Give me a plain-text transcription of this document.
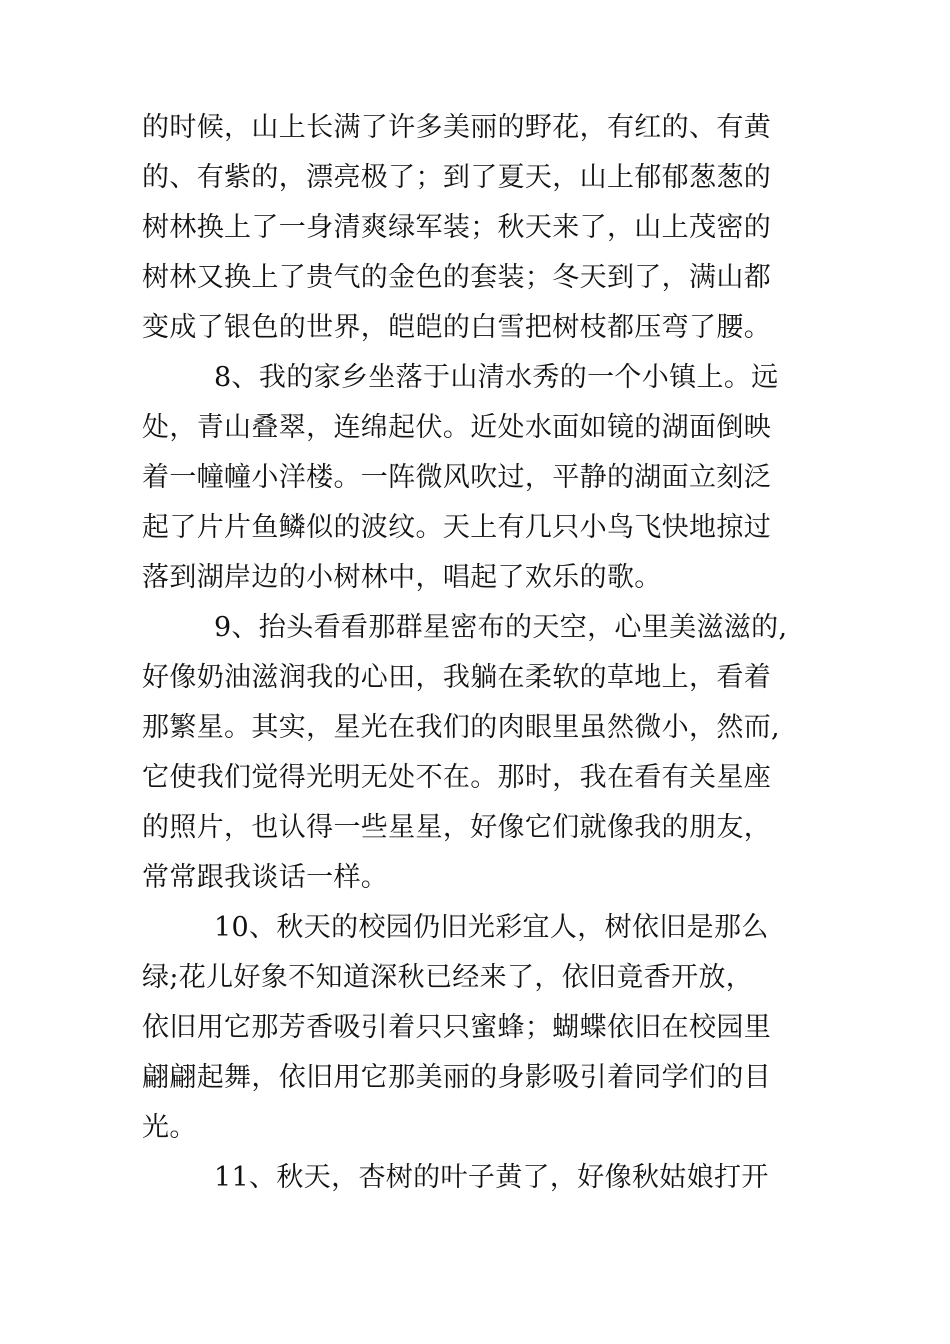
的时候，山上长满了许多美丽的野花，有红的、有黄
的、有紫的，漂亮极了；到了夏天，山上郁郁葱葱的
树林换上了一身清爽绿军装；秋天来了，山上茂密的
树林又换上了贵气的金色的套装；冬天到了，满山都
变成了银色的世界，皑皑的白雪把树枝都压弯了腰。
8、我的家乡坐落于山清水秀的一个小镇上。远
处，青山叠翠，连绵起伏。近处水面如镜的湖面倒映
着一幢幢小洋楼。一阵微风吹过，平静的湖面立刻泛
起了片片鱼鳞似的波纹。天上有几只小鸟飞快地掠过
落到湖岸边的小树林中，唱起了欢乐的歌。
9、抬头看看那群星密布的天空，心里美滋滋的,
好像奶油滋润我的心田，我躺在柔软的草地上，看着
那繁星。其实，星光在我们的肉眼里虽然微小，然而,
它使我们觉得光明无处不在。那时，我在看有关星座
的照片，也认得一些星星，好像它们就像我的朋友，
常常跟我谈话一样。
10、秋天的校园仍旧光彩宜人，树依旧是那么
绿;花儿好象不知道深秋已经来了，依旧竟香开放，
依旧用它那芳香吸引着只只蜜蜂；蝴蝶依旧在校园里
翩翩起舞，依旧用它那美丽的身影吸引着同学们的目
光。
11、秋天，杏树的叶子黄了，好像秋姑娘打开
